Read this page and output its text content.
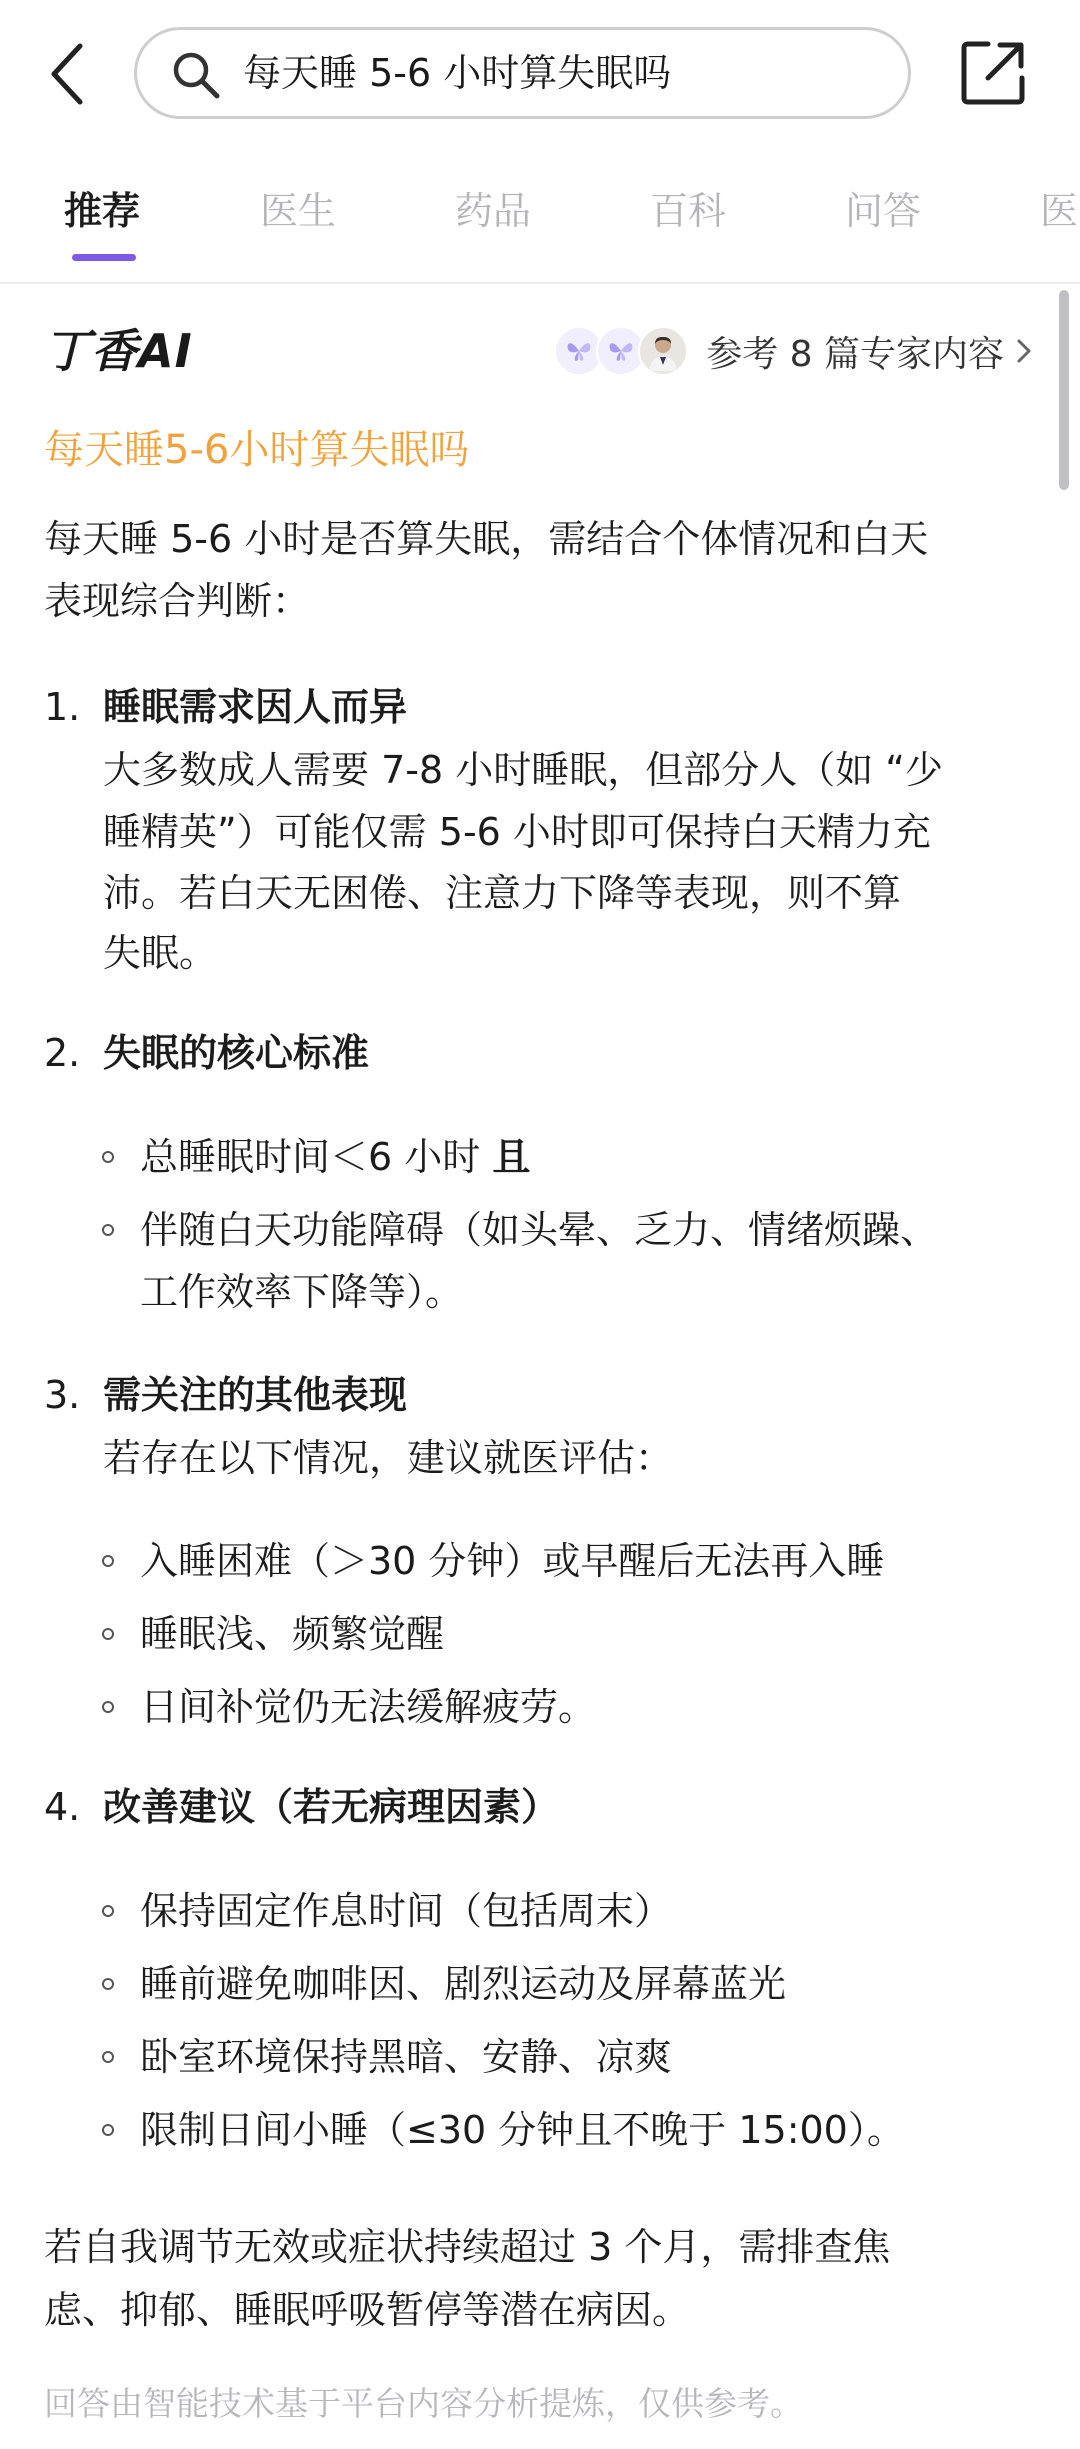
每天睡 5-6 小时算失眠吗
推荐	医生	药品	百科	问答	医
丁香AI	参考 8 篇专家内容
每天睡5-6小时算失眠吗
每天睡 5-6 小时是否算失眠，需结合个体情况和白天
表现综合判断：
1. 睡眠需求因人而异
大多数成人需要 7-8 小时睡眠，但部分人（如 “少
睡精英”）可能仅需 5-6 小时即可保持白天精力充
沛。若白天无困倦、注意力下降等表现，则不算
失眠。
2. 失眠的核心标准
总睡眠时间＜6 小时 且
伴随白天功能障碍（如头晕、乏力、情绪烦躁、
工作效率下降等）。
3. 需关注的其他表现
若存在以下情况，建议就医评估：
入睡困难（＞30 分钟）或早醒后无法再入睡
睡眠浅、频繁觉醒
日间补觉仍无法缓解疲劳。
4. 改善建议（若无病理因素）
保持固定作息时间（包括周末）
睡前避免咖啡因、剧烈运动及屏幕蓝光
卧室环境保持黑暗、安静、凉爽
限制日间小睡（≤30 分钟且不晚于 15:00）。
若自我调节无效或症状持续超过 3 个月，需排查焦
虑、抑郁、睡眠呼吸暂停等潜在病因。
回答由智能技术基于平台内容分析提炼，仅供参考。
